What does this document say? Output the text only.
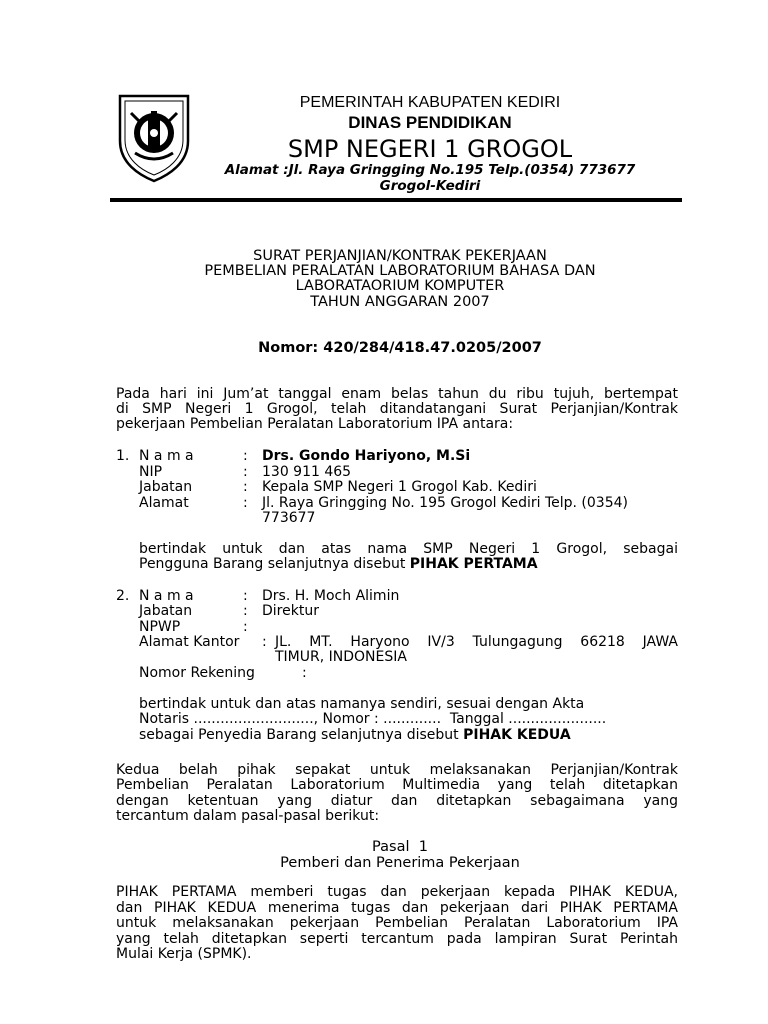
PEMERINTAH KABUPATEN KEDIRI
DINAS PENDIDIKAN
SMP NEGERI 1 GROGOL
Alamat :Jl. Raya Gringging No.195 Telp.(0354) 773677
Grogol-Kediri
SURAT PERJANJIAN/KONTRAK PEKERJAAN
PEMBELIAN PERALATAN LABORATORIUM BAHASA DAN
LABORATAORIUM KOMPUTER
TAHUN ANGGARAN 2007
Nomor: 420/284/418.47.0205/2007
Pada hari ini Jum’at tanggal enam belas tahun du ribu tujuh, bertempat
di SMP Negeri 1 Grogol, telah ditandatangani Surat Perjanjian/Kontrak
pekerjaan Pembelian Peralatan Laboratorium IPA antara:
1. N a m a	: Drs. Gondo Hariyono, M.Si
NIP	: 130 911 465
Jabatan	: Kepala SMP Negeri 1 Grogol Kab. Kediri
Alamat	: Jl. Raya Gringging No. 195 Grogol Kediri Telp. (0354)
773677
bertindak untuk dan atas nama SMP Negeri 1 Grogol, sebagai
Pengguna Barang selanjutnya disebut PIHAK PERTAMA
2. N a m a	: Drs. H. Moch Alimin
Jabatan	: Direktur
NPWP	:
Alamat Kantor : JL. MT. Haryono IV/3 Tulungagung 66218 JAWA
TIMUR, INDONESIA
Nomor Rekening	:
bertindak untuk dan atas namanya sendiri, sesuai dengan Akta
Notaris ..........................., Nomor : .............  Tanggal ......................
sebagai Penyedia Barang selanjutnya disebut PIHAK KEDUA
Kedua belah pihak sepakat untuk melaksanakan Perjanjian/Kontrak
Pembelian Peralatan Laboratorium Multimedia yang telah ditetapkan
dengan ketentuan yang diatur dan ditetapkan sebagaimana yang
tercantum dalam pasal-pasal berikut:
Pasal  1
Pemberi dan Penerima Pekerjaan
PIHAK PERTAMA memberi tugas dan pekerjaan kepada PIHAK KEDUA,
dan PIHAK KEDUA menerima tugas dan pekerjaan dari PIHAK PERTAMA
untuk melaksanakan pekerjaan Pembelian Peralatan Laboratorium IPA
yang telah ditetapkan seperti tercantum pada lampiran Surat Perintah
Mulai Kerja (SPMK).
